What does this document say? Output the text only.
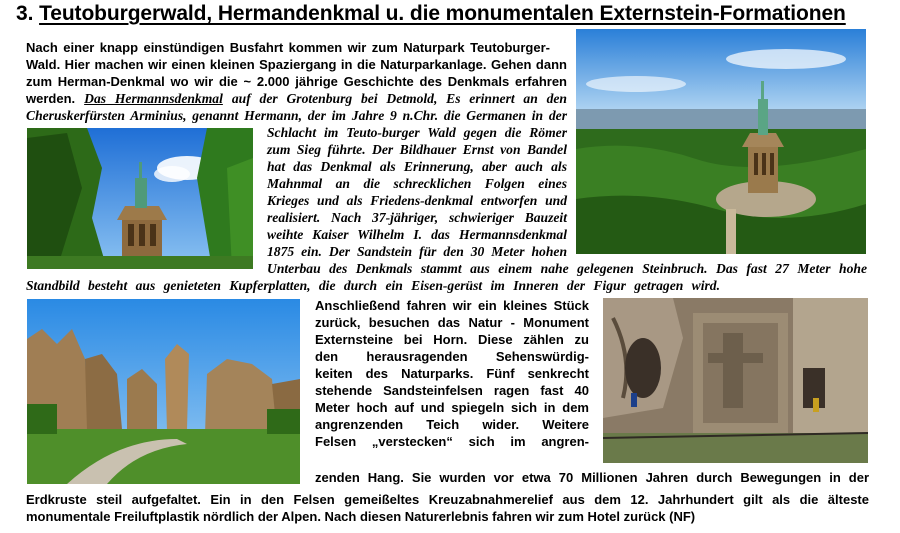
3. Teutoburgerwald, Hermandenkmal u. die monumentalen Externstein-Formationen
Nach einer knapp einstündigen Busfahrt kommen wir zum Naturpark Teutoburger-
Wald. Hier machen wir einen kleinen Spaziergang in die Naturparkanlage. Gehen dann
zum Herman-Denkmal wo wir die ~ 2.000 jährige Geschichte des Denkmals erfahren
werden. Das Hermannsdenkmal auf der Grotenburg bei Detmold, Es erinnert an den
Cheruskerfürsten Arminius, genannt Hermann, der im Jahre 9 n.Chr. die Germanen in der
Schlacht im Teuto-burger Wald gegen die Römer
zum Sieg führte. Der Bildhauer Ernst von Bandel
hat das Denkmal als Erinnerung, aber auch als
Mahnmal an die schrecklichen Folgen eines
Krieges und als Friedens-denkmal entworfen und
realisiert. Nach 37-jähriger, schwieriger Bauzeit
weihte Kaiser Wilhelm I. das Hermannsdenkmal
1875 ein. Der Sandstein für den 30 Meter hohen
Unterbau des Denkmals stammt aus einem nahe gelegenen Steinbruch. Das fast 27 Meter hohe
Standbild besteht aus genieteten Kupferplatten, die durch ein Eisen-gerüst im Inneren der Figur getragen wird.
Anschließend fahren wir ein kleines Stück
zurück, besuchen das Natur - Monument
Externsteine bei Horn. Diese zählen zu
den herausragenden Sehenswürdig-
keiten des Naturparks. Fünf senkrecht
stehende Sandsteinfelsen ragen fast 40
Meter hoch auf und spiegeln sich in dem
angrenzenden Teich wider. Weitere
Felsen „verstecken“ sich im angren-
zenden Hang. Sie wurden vor etwa 70 Millionen Jahren durch Bewegungen in der
Erdkruste steil aufgefaltet. Ein in den Felsen gemeißeltes Kreuzabnahmerelief aus dem 12. Jahrhundert gilt als die älteste
monumentale Freiluftplastik nördlich der Alpen. Nach diesen Naturerlebnis fahren wir zum Hotel zurück (NF)
